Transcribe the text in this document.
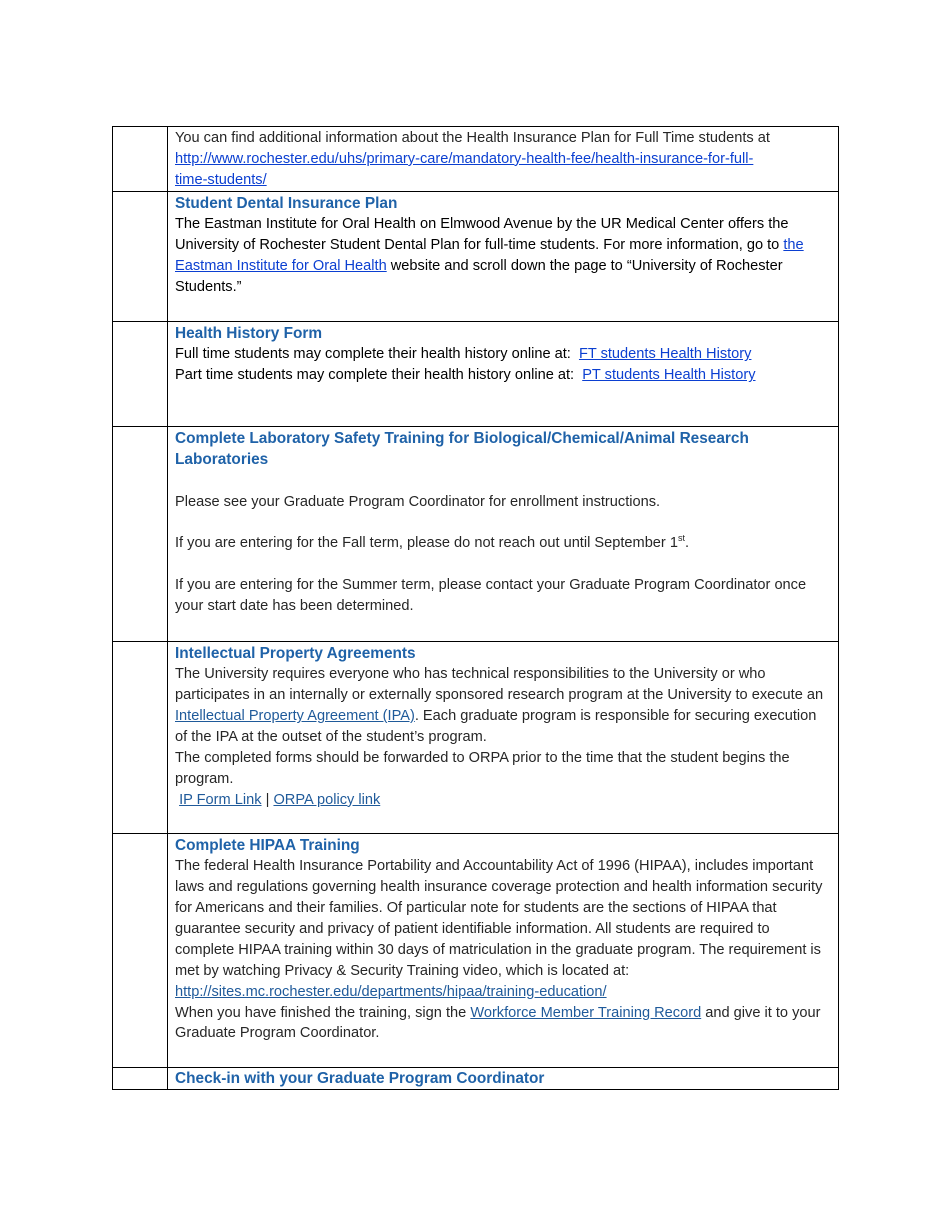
	You can find additional information about the Health Insurance Plan for Full Time students at
http://www.rochester.edu/uhs/primary-care/mandatory-health-fee/health-insurance-for-full-
time-students/

	Student Dental Insurance Plan
The Eastman Institute for Oral Health on Elmwood Avenue by the UR Medical Center offers the University of Rochester Student Dental Plan for full-time students. For more information, go to the Eastman Institute for Oral Health website and scroll down the page to “University of Rochester Students.”

	Health History Form
Full time students may complete their health history online at: FT students Health History
Part time students may complete their health history online at: PT students Health History

	Complete Laboratory Safety Training for Biological/Chemical/Animal Research Laboratories
Please see your Graduate Program Coordinator for enrollment instructions.
If you are entering for the Fall term, please do not reach out until September 1st.
If you are entering for the Summer term, please contact your Graduate Program Coordinator once your start date has been determined.

	Intellectual Property Agreements
The University requires everyone who has technical responsibilities to the University or who participates in an internally or externally sponsored research program at the University to execute an Intellectual Property Agreement (IPA). Each graduate program is responsible for securing execution of the IPA at the outset of the student’s program.
The completed forms should be forwarded to ORPA prior to the time that the student begins the program.
IP Form Link | ORPA policy link

	Complete HIPAA Training
The federal Health Insurance Portability and Accountability Act of 1996 (HIPAA), includes important laws and regulations governing health insurance coverage protection and health information security for Americans and their families. Of particular note for students are the sections of HIPAA that guarantee security and privacy of patient identifiable information. All students are required to complete HIPAA training within 30 days of matriculation in the graduate program. The requirement is met by watching Privacy & Security Training video, which is located at: http://sites.mc.rochester.edu/departments/hipaa/training-education/
When you have finished the training, sign the Workforce Member Training Record and give it to your Graduate Program Coordinator.

	Check-in with your Graduate Program Coordinator
